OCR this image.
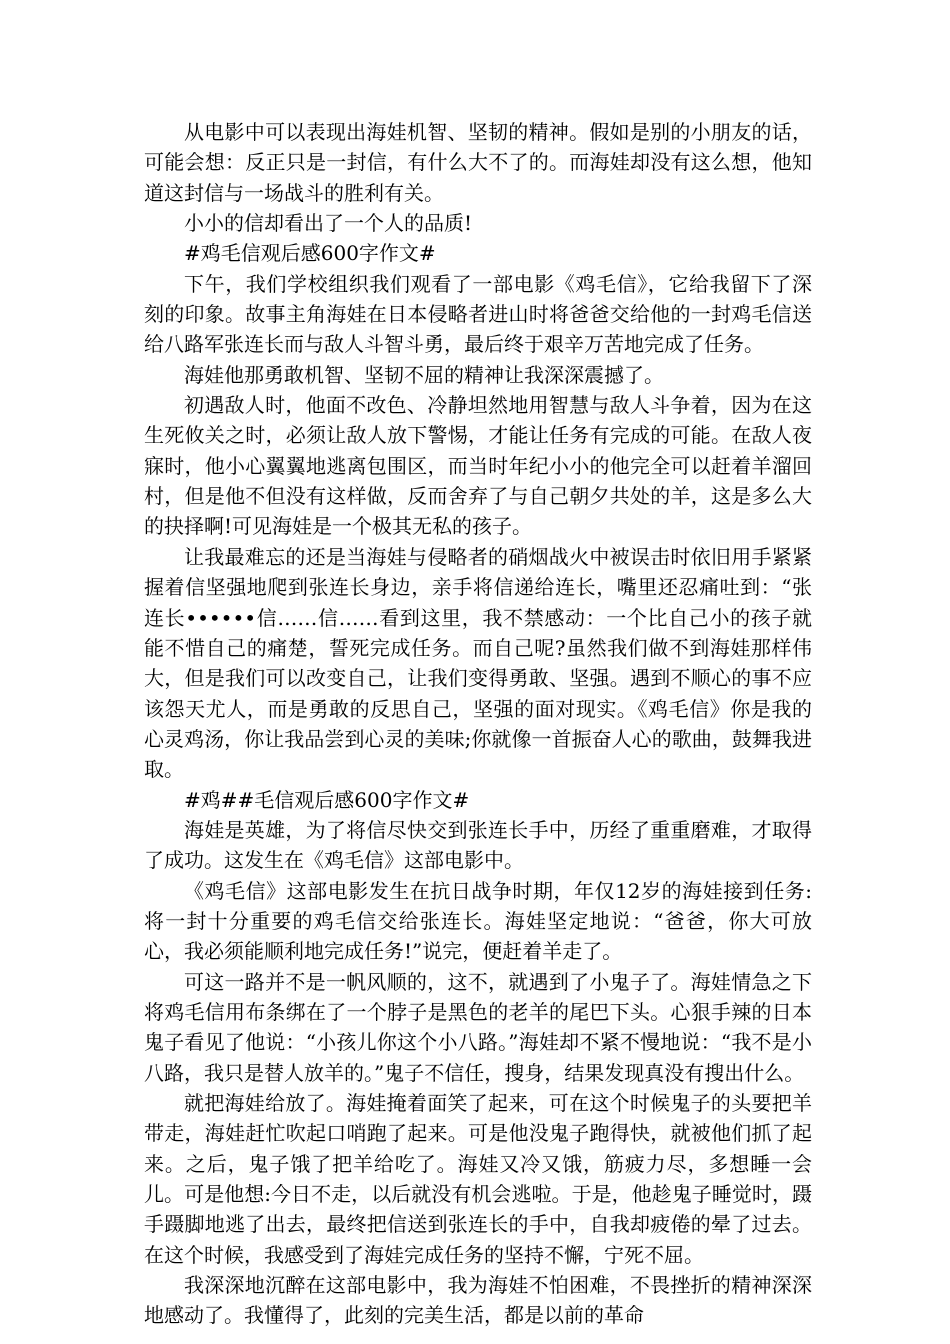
从电影中可以表现出海娃机智、坚韧的精神。假如是别的小朋友的话，可能会想：反正只是一封信，有什么大不了的。而海娃却没有这么想，他知道这封信与一场战斗的胜利有关。

小小的信却看出了一个人的品质!

#鸡毛信观后感600字作文#

下午，我们学校组织我们观看了一部电影《鸡毛信》，它给我留下了深刻的印象。故事主角海娃在日本侵略者进山时将爸爸交给他的一封鸡毛信送给八路军张连长而与敌人斗智斗勇，最后终于艰辛万苦地完成了任务。

海娃他那勇敢机智、坚韧不屈的精神让我深深震撼了。

初遇敌人时，他面不改色、冷静坦然地用智慧与敌人斗争着，因为在这生死攸关之时，必须让敌人放下警惕，才能让任务有完成的可能。在敌人夜寐时，他小心翼翼地逃离包围区，而当时年纪小小的他完全可以赶着羊溜回村，但是他不但没有这样做，反而舍弃了与自己朝夕共处的羊，这是多么大的抉择啊!可见海娃是一个极其无私的孩子。

让我最难忘的还是当海娃与侵略者的硝烟战火中被误击时依旧用手紧紧握着信坚强地爬到张连长身边，亲手将信递给连长，嘴里还忍痛吐到：“张连长••••••信……信……看到这里，我不禁感动：一个比自己小的孩子就能不惜自己的痛楚，誓死完成任务。而自己呢?虽然我们做不到海娃那样伟大，但是我们可以改变自己，让我们变得勇敢、坚强。遇到不顺心的事不应该怨天尤人，而是勇敢的反思自己，坚强的面对现实。《鸡毛信》你是我的心灵鸡汤，你让我品尝到心灵的美味;你就像一首振奋人心的歌曲，鼓舞我进取。

#鸡##毛信观后感600字作文#

海娃是英雄，为了将信尽快交到张连长手中，历经了重重磨难，才取得了成功。这发生在《鸡毛信》这部电影中。

《鸡毛信》这部电影发生在抗日战争时期，年仅12岁的海娃接到任务:将一封十分重要的鸡毛信交给张连长。海娃坚定地说：“爸爸，你大可放心，我必须能顺利地完成任务!”说完，便赶着羊走了。

可这一路并不是一帆风顺的，这不，就遇到了小鬼子了。海娃情急之下将鸡毛信用布条绑在了一个脖子是黑色的老羊的尾巴下头。心狠手辣的日本鬼子看见了他说：“小孩儿你这个小八路。”海娃却不紧不慢地说：“我不是小八路，我只是替人放羊的。”鬼子不信任，搜身，结果发现真没有搜出什么。

就把海娃给放了。海娃掩着面笑了起来，可在这个时候鬼子的头要把羊带走，海娃赶忙吹起口哨跑了起来。可是他没鬼子跑得快，就被他们抓了起来。之后，鬼子饿了把羊给吃了。海娃又冷又饿，筋疲力尽，多想睡一会儿。可是他想:今日不走，以后就没有机会逃啦。于是，他趁鬼子睡觉时，蹑手蹑脚地逃了出去，最终把信送到张连长的手中，自我却疲倦的晕了过去。在这个时候，我感受到了海娃完成任务的坚持不懈，宁死不屈。

我深深地沉醉在这部电影中，我为海娃不怕困难，不畏挫折的精神深深地感动了。我懂得了，此刻的完美生活，都是以前的革命
